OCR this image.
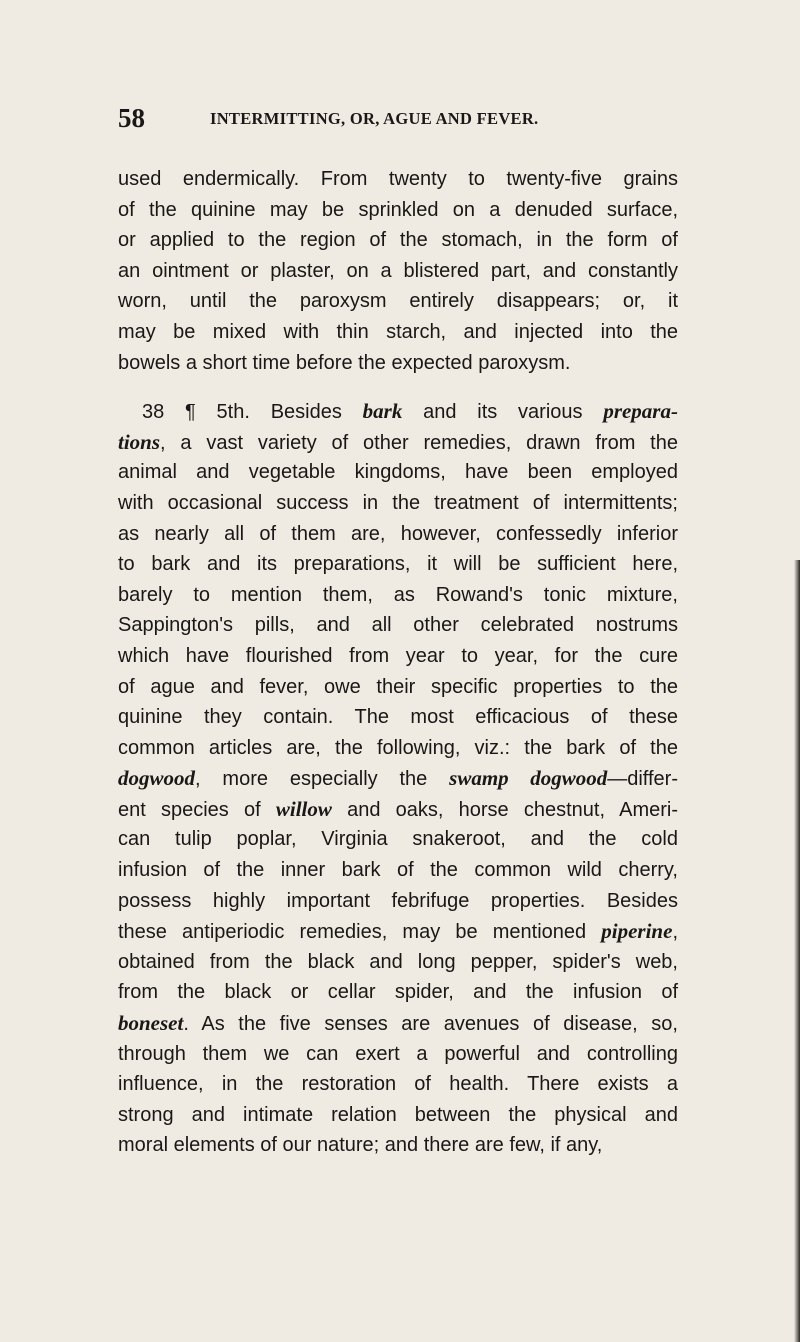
58	INTERMITTING, OR, AGUE AND FEVER.
used endermically. From twenty to twenty-five grains
of the quinine may be sprinkled on a denuded surface,
or applied to the region of the stomach, in the form of
an ointment or plaster, on a blistered part, and constantly
worn, until the paroxysm entirely disappears; or, it
may be mixed with thin starch, and injected into the
bowels a short time before the expected paroxysm.
38 ¶ 5th. Besides bark and its various prepara-
tions, a vast variety of other remedies, drawn from the
animal and vegetable kingdoms, have been employed
with occasional success in the treatment of intermittents;
as nearly all of them are, however, confessedly inferior
to bark and its preparations, it will be sufficient here,
barely to mention them, as Rowand's tonic mixture,
Sappington's pills, and all other celebrated nostrums
which have flourished from year to year, for the cure
of ague and fever, owe their specific properties to the
quinine they contain. The most efficacious of these
common articles are, the following, viz.: the bark of the
dogwood, more especially the swamp dogwood—differ-
ent species of willow and oaks, horse chestnut, Ameri-
can tulip poplar, Virginia snakeroot, and the cold
infusion of the inner bark of the common wild cherry,
possess highly important febrifuge properties. Besides
these antiperiodic remedies, may be mentioned piperine,
obtained from the black and long pepper, spider's web,
from the black or cellar spider, and the infusion of
boneset. As the five senses are avenues of disease, so,
through them we can exert a powerful and controlling
influence, in the restoration of health. There exists a
strong and intimate relation between the physical and
moral elements of our nature; and there are few, if any,
